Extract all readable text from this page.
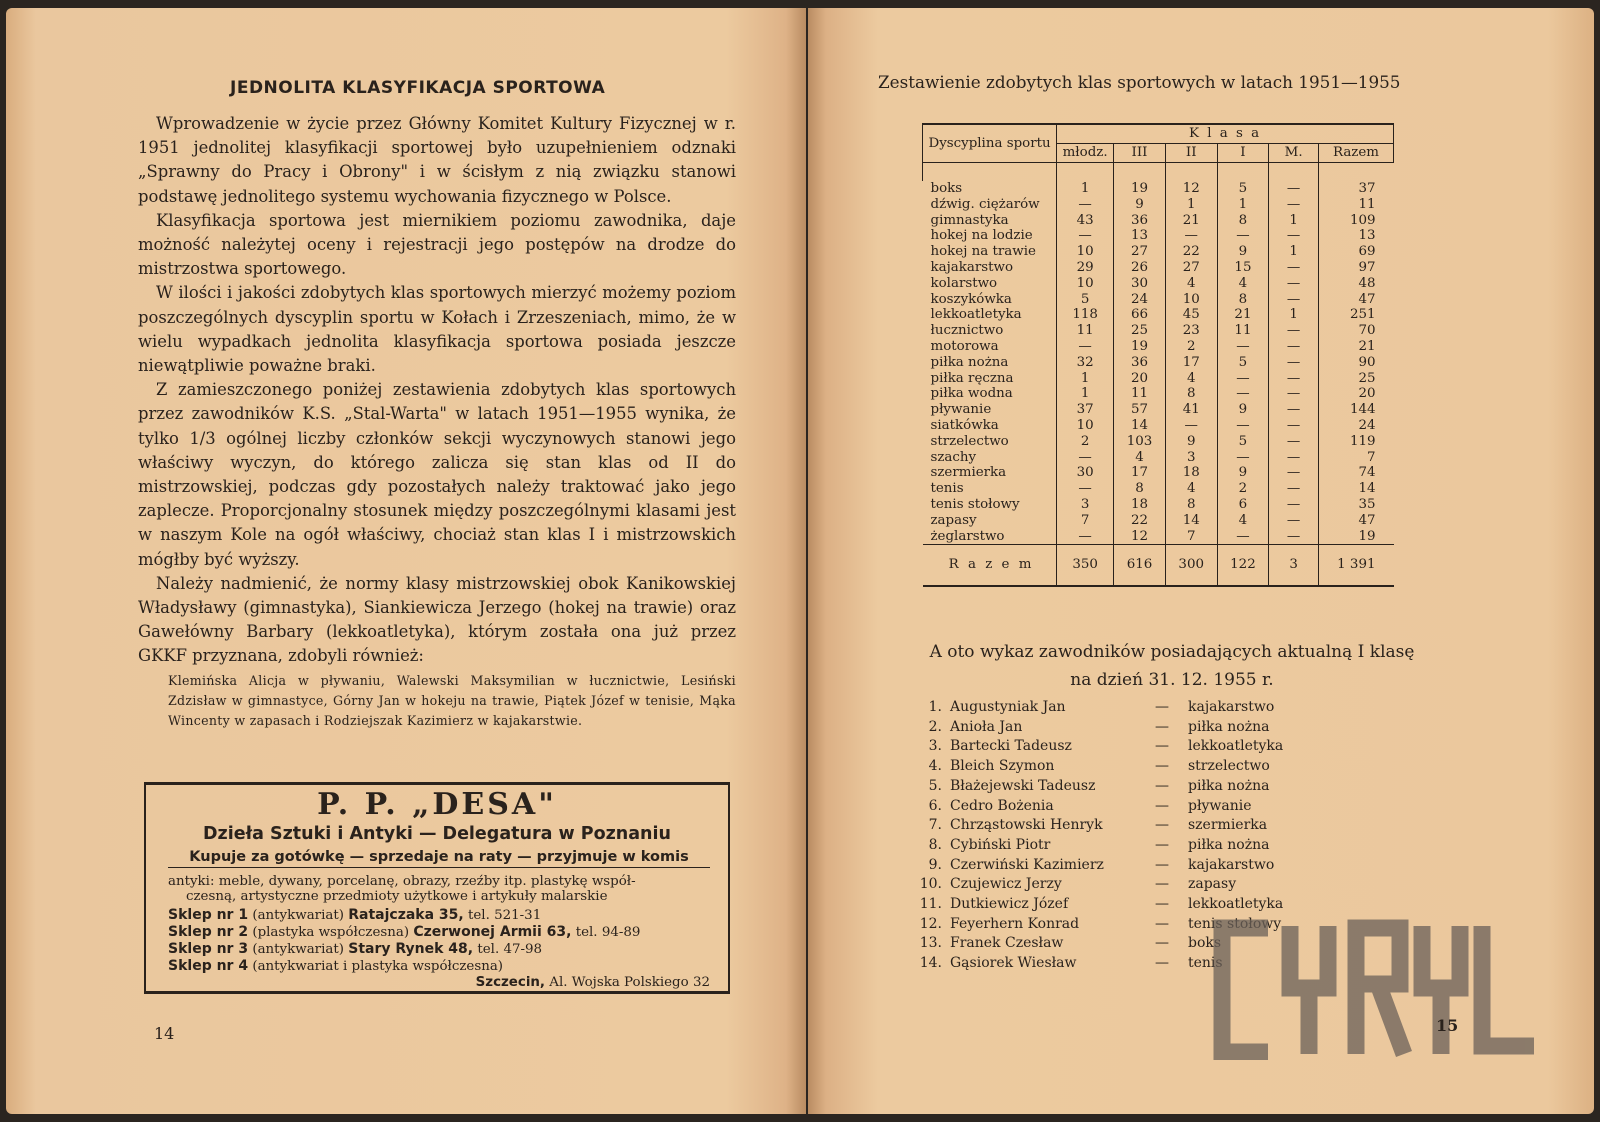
JEDNOLITA KLASYFIKACJA SPORTOWA

Wprowadzenie w życie przez Główny Komitet Kultury Fizycznej w r. 1951 jednolitej klasyfikacji sportowej było uzupełnieniem odznaki „Sprawny do Pracy i Obrony" i w ścisłym z nią związku stanowi podstawę jednolitego systemu wychowania fizycznego w Polsce.

Klasyfikacja sportowa jest miernikiem poziomu zawodnika, daje możność należytej oceny i rejestracji jego postępów na drodze do mistrzostwa sportowego.

W ilości i jakości zdobytych klas sportowych mierzyć możemy poziom poszczególnych dyscyplin sportu w Kołach i Zrzeszeniach, mimo, że w wielu wypadkach jednolita klasyfikacja sportowa posiada jeszcze niewątpliwie poważne braki.

Z zamieszczonego poniżej zestawienia zdobytych klas sportowych przez zawodników K.S. „Stal-Warta" w latach 1951—1955 wynika, że tylko 1/3 ogólnej liczby członków sekcji wyczynowych stanowi jego właściwy wyczyn, do którego zalicza się stan klas od II do mistrzowskiej, podczas gdy pozostałych należy traktować jako jego zaplecze. Proporcjonalny stosunek między poszczególnymi klasami jest w naszym Kole na ogół właściwy, chociaż stan klas I i mistrzowskich mógłby być wyższy.

Należy nadmienić, że normy klasy mistrzowskiej obok Kanikowskiej Władysławy (gimnastyka), Siankiewicza Jerzego (hokej na trawie) oraz Gawełówny Barbary (lekkoatletyka), którym została ona już przez GKKF przyznana, zdobyli również:

Klemińska Alicja w pływaniu, Walewski Maksymilian w łucznictwie, Lesiński Zdzisław w gimnastyce, Górny Jan w hokeju na trawie, Piątek Józef w tenisie, Mąka Wincenty w zapasach i Rodziejszak Kazimierz w kajakarstwie.

P. P. „DESA"
Dzieła Sztuki i Antyki — Delegatura w Poznaniu
Kupuje za gotówkę — sprzedaje na raty — przyjmuje w komis
antyki: meble, dywany, porcelanę, obrazy, rzeźby itp. plastykę współ-
czesną, artystyczne przedmioty użytkowe i artykuły malarskie
Sklep nr 1 (antykwariat) Ratajczaka 35, tel. 521-31
Sklep nr 2 (plastyka współczesna) Czerwonej Armii 63, tel. 94-89
Sklep nr 3 (antykwariat) Stary Rynek 48, tel. 47-98
Sklep nr 4 (antykwariat i plastyka współczesna)
Szczecin, Al. Wojska Polskiego 32
14
Zestawienie zdobytych klas sportowych w latach 1951—1955
Dyscyplina sportu	K l a s a					
	młodz.	III	II	I	M.	Razem

boks	1	19	12	5	—	37
dźwig. ciężarów	—	9	1	1	—	11
gimnastyka	43	36	21	8	1	109
hokej na lodzie	—	13	—	—	—	13
hokej na trawie	10	27	22	9	1	69
kajakarstwo	29	26	27	15	—	97
kolarstwo	10	30	4	4	—	48
koszykówka	5	24	10	8	—	47
lekkoatletyka	118	66	45	21	1	251
łucznictwo	11	25	23	11	—	70
motorowa	—	19	2	—	—	21
piłka nożna	32	36	17	5	—	90
piłka ręczna	1	20	4	—	—	25
piłka wodna	1	11	8	—	—	20
pływanie	37	57	41	9	—	144
siatkówka	10	14	—	—	—	24
strzelectwo	2	103	9	5	—	119
szachy	—	4	3	—	—	7
szermierka	30	17	18	9	—	74
tenis	—	8	4	2	—	14
tenis stołowy	3	18	8	6	—	35
zapasy	7	22	14	4	—	47
żeglarstwo	—	12	7	—	—	19
R a z e m	350	616	300	122	3	1 391
A oto wykaz zawodników posiadających aktualną I klasę
na dzień 31. 12. 1955 r.
1. Augustyniak Jan	—	kajakarstwo
2. Anioła Jan	—	piłka nożna
3. Bartecki Tadeusz	—	lekkoatletyka
4. Bleich Szymon	—	strzelectwo
5. Błażejewski Tadeusz	—	piłka nożna
6. Cedro Bożenia	—	pływanie
7. Chrząstowski Henryk	—	szermierka
8. Cybiński Piotr	—	piłka nożna
9. Czerwiński Kazimierz	—	kajakarstwo
10. Czujewicz Jerzy	—	zapasy
11. Dutkiewicz Józef	—	lekkoatletyka
12. Feyerhern Konrad	—	tenis stołowy
13. Franek Czesław	—	boks
14. Gąsiorek Wiesław	—	tenis
15
